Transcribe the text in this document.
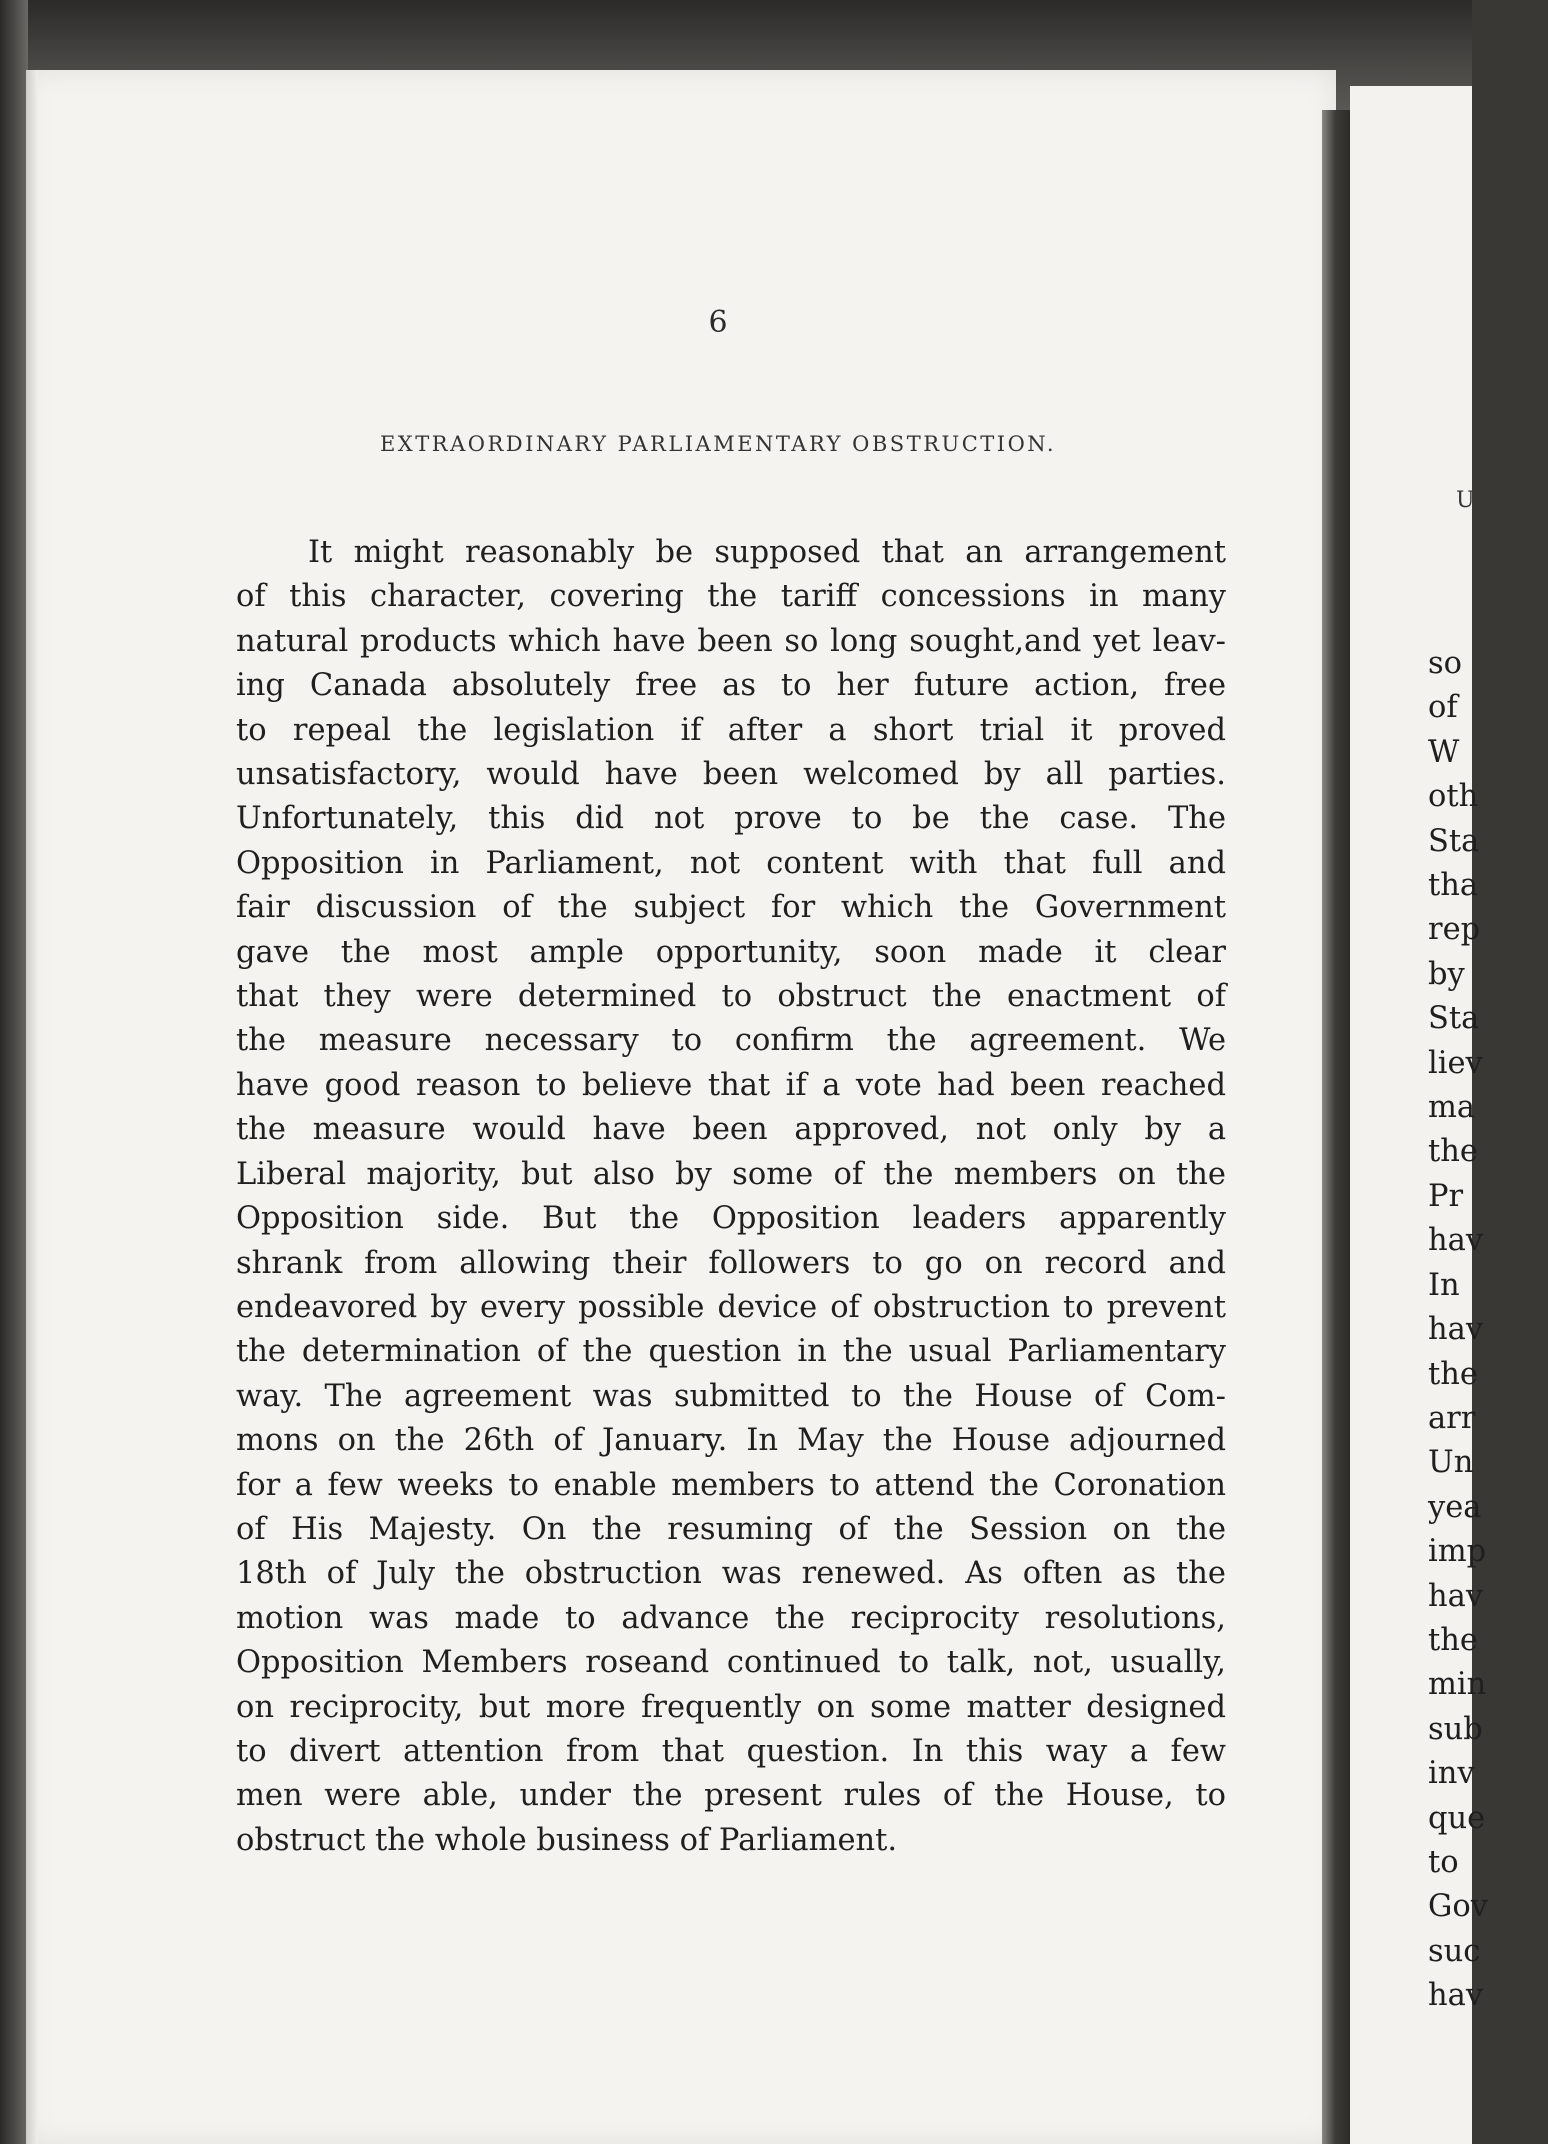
U

so
of
W
oth
Sta
tha
rep
by
Sta
liev
ma
the
Pr
hav
In
hav
the
arr
Un
yea
imp
hav
the
min
sub
inv
que
to
Gov
suc
hav

6

EXTRAORDINARY PARLIAMENTARY OBSTRUCTION.

It might reasonably be supposed that an arrangement
of this character, covering the tariff concessions in many
natural products which have been so long sought,and yet leav-
ing Canada absolutely free as to her future action, free
to repeal the legislation if after a short trial it proved
unsatisfactory, would have been welcomed by all parties.
Unfortunately, this did not prove to be the case. The
Opposition in Parliament, not content with that full and
fair discussion of the subject for which the Government
gave the most ample opportunity, soon made it clear
that they were determined to obstruct the enactment of
the measure necessary to confirm the agreement. We
have good reason to believe that if a vote had been reached
the measure would have been approved, not only by a
Liberal majority, but also by some of the members on the
Opposition side. But the Opposition leaders apparently
shrank from allowing their followers to go on record and
endeavored by every possible device of obstruction to prevent
the determination of the question in the usual Parliamentary
way. The agreement was submitted to the House of Com-
mons on the 26th of January. In May the House adjourned
for a few weeks to enable members to attend the Coronation
of His Majesty. On the resuming of the Session on the
18th of July the obstruction was renewed. As often as the
motion was made to advance the reciprocity resolutions,
Opposition Members roseand continued to talk, not, usually,
on reciprocity, but more frequently on some matter designed
to divert attention from that question. In this way a few
men were able, under the present rules of the House, to
obstruct the whole business of Parliament.
